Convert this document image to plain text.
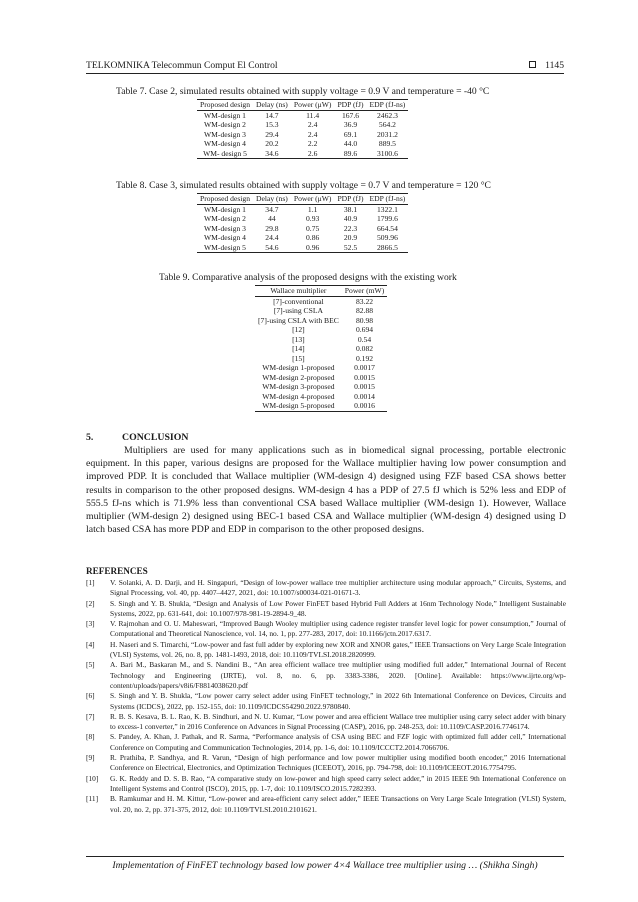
TELKOMNIKA Telecommun Comput El Control	1145
Table 7. Case 2, simulated results obtained with supply voltage = 0.9 V and temperature = -40 °C
Proposed design	Delay (ns)	Power (μW)	PDP (fJ)	EDP (fJ-ns)
WM-design 1	14.7	11.4	167.6	2462.3
WM-design 2	15.3	2.4	36.9	564.2
WM-design 3	29.4	2.4	69.1	2031.2
WM-design 4	20.2	2.2	44.0	889.5
WM- design 5	34.6	2.6	89.6	3100.6
Table 8. Case 3, simulated results obtained with supply voltage = 0.7 V and temperature = 120 °C
Proposed design	Delay (ns)	Power (μW)	PDP (fJ)	EDP (fJ-ns)
WM-design 1	34.7	1.1	38.1	1322.1
WM-design 2	44	0.93	40.9	1799.6
WM-design 3	29.8	0.75	22.3	664.54
WM-design 4	24.4	0.86	20.9	509.96
WM-design 5	54.6	0.96	52.5	2866.5
Table 9. Comparative analysis of the proposed designs with the existing work
Wallace multiplier	Power (mW)
[7]-conventional	83.22
[7]-using CSLA	82.88
[7]-using CSLA with BEC	80.98
[12]	0.694
[13]	0.54
[14]	0.082
[15]	0.192
WM-design 1-proposed	0.0017
WM-design 2-proposed	0.0015
WM-design 3-proposed	0.0015
WM-design 4-proposed	0.0014
WM-design 5-proposed	0.0016
5.	CONCLUSION

Multipliers are used for many applications such as in biomedical signal processing, portable electronic equipment. In this paper, various designs are proposed for the Wallace multiplier having low power consumption and improved PDP. It is concluded that Wallace multiplier (WM-design 4) designed using FZF based CSA shows better results in comparison to the other proposed designs. WM-design 4 has a PDP of 27.5 fJ which is 52% less and EDP of 555.5 fJ-ns which is 71.9% less than conventional CSA based Wallace multiplier (WM-design 1). However, Wallace multiplier (WM-design 2) designed using BEC-1 based CSA and Wallace multiplier (WM-design 4) designed using D latch based CSA has more PDP and EDP in comparison to the other proposed designs.

REFERENCES
[1] V. Solanki, A. D. Darji, and H. Singapuri, “Design of low-power wallace tree multiplier architecture using modular approach,” Circuits, Systems, and Signal Processing, vol. 40, pp. 4407–4427, 2021, doi: 10.1007/s00034-021-01671-3.
[2] S. Singh and Y. B. Shukla, “Design and Analysis of Low Power FinFET based Hybrid Full Adders at 16nm Technology Node,” Intelligent Sustainable Systems, 2022, pp. 631-641, doi: 10.1007/978-981-19-2894-9_48.
[3] V. Rajmohan and O. U. Maheswari, “Improved Baugh Wooley multiplier using cadence register transfer level logic for power consumption,” Journal of Computational and Theoretical Nanoscience, vol. 14, no. 1, pp. 277-283, 2017, doi: 10.1166/jctn.2017.6317.
[4] H. Naseri and S. Timarchi, “Low-power and fast full adder by exploring new XOR and XNOR gates,” IEEE Transactions on Very Large Scale Integration (VLSI) Systems, vol. 26, no. 8, pp. 1481-1493, 2018, doi: 10.1109/TVLSI.2018.2820999.
[5] A. Bari M., Baskaran M., and S. Nandini B., “An area efficient wallace tree multiplier using modified full adder,” International Journal of Recent Technology and Engineering (IJRTE), vol. 8, no. 6, pp. 3383-3386, 2020. [Online]. Available: https://www.ijrte.org/wp-content/uploads/papers/v8i6/F8814038620.pdf
[6] S. Singh and Y. B. Shukla, “Low power carry select adder using FinFET technology,” in 2022 6th International Conference on Devices, Circuits and Systems (ICDCS), 2022, pp. 152-155, doi: 10.1109/ICDCS54290.2022.9780840.
[7] R. B. S. Kesava, B. L. Rao, K. B. Sindhuri, and N. U. Kumar, “Low power and area efficient Wallace tree multiplier using carry select adder with binary to excess-1 converter,” in 2016 Conference on Advances in Signal Processing (CASP), 2016, pp. 248-253, doi: 10.1109/CASP.2016.7746174.
[8] S. Pandey, A. Khan, J. Pathak, and R. Sarma, “Performance analysis of CSA using BEC and FZF logic with optimized full adder cell,” International Conference on Computing and Communication Technologies, 2014, pp. 1-6, doi: 10.1109/ICCCT2.2014.7066706.
[9] R. Prathiba, P. Sandhya, and R. Varun, “Design of high performance and low power multiplier using modified booth encoder,” 2016 International Conference on Electrical, Electronics, and Optimization Techniques (ICEEOT), 2016, pp. 794-798, doi: 10.1109/ICEEOT.2016.7754795.
[10] G. K. Reddy and D. S. B. Rao, “A comparative study on low-power and high speed carry select adder,” in 2015 IEEE 9th International Conference on Intelligent Systems and Control (ISCO), 2015, pp. 1-7, doi: 10.1109/ISCO.2015.7282393.
[11] B. Ramkumar and H. M. Kittur, “Low-power and area-efficient carry select adder,” IEEE Transactions on Very Large Scale Integration (VLSI) System, vol. 20, no. 2, pp. 371-375, 2012, doi: 10.1109/TVLSI.2010.2101621.
Implementation of FinFET technology based low power 4×4 Wallace tree multiplier using … (Shikha Singh)
